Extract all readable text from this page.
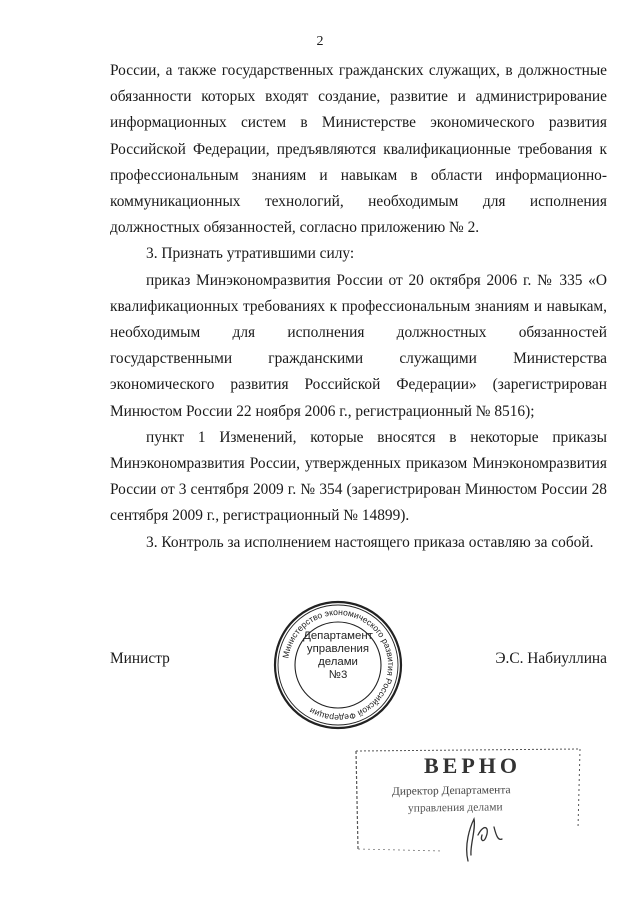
2

России, а также государственных гражданских служащих, в должностные обязанности которых входят создание, развитие и администрирование информационных систем в Министерстве экономического развития Российской Федерации, предъявляются квалификационные требования к профессиональным знаниям и навыкам в области информационно-коммуникационных технологий, необходимым для исполнения должностных обязанностей, согласно приложению № 2.

3. Признать утратившими силу:

приказ Минэкономразвития России от 20 октября 2006 г. № 335 «О квалификационных требованиях к профессиональным знаниям и навыкам, необходимым для исполнения должностных обязанностей государственными гражданскими служащими Министерства экономического развития Российской Федерации» (зарегистрирован Минюстом России 22 ноября 2006 г., регистрационный № 8516);

пункт 1 Изменений, которые вносятся в некоторые приказы Минэкономразвития России, утвержденных приказом Минэкономразвития России от 3 сентября 2009 г. № 354 (зарегистрирован Минюстом России 28 сентября 2009 г., регистрационный № 14899).

3. Контроль за исполнением настоящего приказа оставляю за собой.

Министр	Э.С. Набиуллина
Министерство экономического развития Российской Федерации
Департамент
управления
делами
№3
ВЕРНО
Директор Департамента
управления делами
